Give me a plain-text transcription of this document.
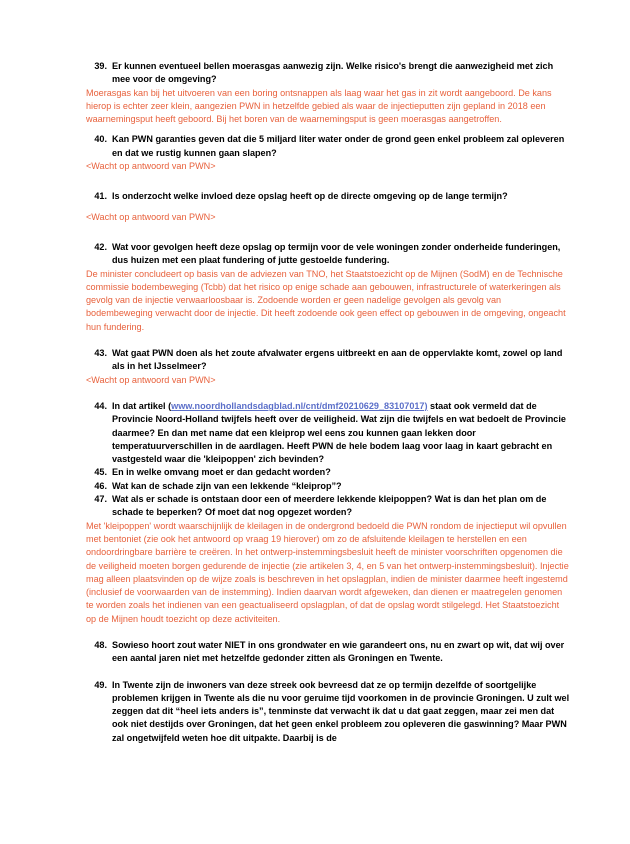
39. Er kunnen eventueel bellen moerasgas aanwezig zijn. Welke risico's brengt die aanwezigheid met zich mee voor de omgeving?
Moerasgas kan bij het uitvoeren van een boring ontsnappen als laag waar het gas in zit wordt aangeboord. De kans hierop is echter zeer klein, aangezien PWN in hetzelfde gebied als waar de injectieputten zijn gepland in 2018 een waarnemingsput heeft geboord. Bij het boren van de waarnemingsput is geen moerasgas aangetroffen.
40. Kan PWN garanties geven dat die 5 miljard liter water onder de grond geen enkel probleem zal opleveren en dat we rustig kunnen gaan slapen?
<Wacht op antwoord van PWN>
41. Is onderzocht welke invloed deze opslag heeft op de directe omgeving op de lange termijn?
<Wacht op antwoord van PWN>
42. Wat voor gevolgen heeft deze opslag op termijn voor de vele woningen zonder onderheide funderingen, dus huizen met een plaat fundering of jutte gestoelde fundering.
De minister concludeert op basis van de adviezen van TNO, het Staatstoezicht op de Mijnen (SodM) en de Technische commissie bodembeweging (Tcbb) dat het risico op enige schade aan gebouwen, infrastructurele of waterkeringen als gevolg van de injectie verwaarloosbaar is. Zodoende worden er geen nadelige gevolgen als gevolg van bodembeweging verwacht door de injectie. Dit heeft zodoende ook geen effect op gebouwen in de omgeving, ongeacht hun fundering.
43. Wat gaat PWN doen als het zoute afvalwater ergens uitbreekt en aan de oppervlakte komt, zowel op land als in het IJsselmeer?
<Wacht op antwoord van PWN>
44. In dat artikel (www.noordhollandsdagblad.nl/cnt/dmf20210629_83107017) staat ook vermeld dat de Provincie Noord-Holland twijfels heeft over de veiligheid. Wat zijn die twijfels en wat bedoelt de Provincie daarmee? En dan met name dat een kleiprop wel eens zou kunnen gaan lekken door temperatuurverschillen in de aardlagen. Heeft PWN de hele bodem laag voor laag in kaart gebracht en vastgesteld waar die 'kleipoppen' zich bevinden?
45. En in welke omvang moet er dan gedacht worden?
46. Wat kan de schade zijn van een lekkende “kleiprop”?
47. Wat als er schade is ontstaan door een of meerdere lekkende kleipoppen? Wat is dan het plan om de schade te beperken? Of moet dat nog opgezet worden?
Met 'kleipoppen' wordt waarschijnlijk de kleilagen in de ondergrond bedoeld die PWN rondom de injectieput wil opvullen met bentoniet (zie ook het antwoord op vraag 19 hierover) om zo de afsluitende kleilagen te herstellen en een ondoordringbare barrière te creëren. In het ontwerp-instemmingsbesluit heeft de minister voorschriften opgenomen die de veiligheid moeten borgen gedurende de injectie (zie artikelen 3, 4, en 5 van het ontwerp-instemmingsbesluit). Injectie mag alleen plaatsvinden op de wijze zoals is beschreven in het opslagplan, indien de minister daarmee heeft ingestemd (inclusief de voorwaarden van de instemming). Indien daarvan wordt afgeweken, dan dienen er maatregelen genomen te worden zoals het indienen van een geactualiseerd opslagplan, of dat de opslag wordt stilgelegd. Het Staatstoezicht op de Mijnen houdt toezicht op deze activiteiten.
48. Sowieso hoort zout water NIET in ons grondwater en wie garandeert ons, nu en zwart op wit, dat wij over een aantal jaren niet met hetzelfde gedonder zitten als Groningen en Twente.
49. In Twente zijn de inwoners van deze streek ook bevreesd dat ze op termijn dezelfde of soortgelijke problemen krijgen in Twente als die nu voor geruime tijd voorkomen in de provincie Groningen. U zult wel zeggen dat dit “heel iets anders is”, tenminste dat verwacht ik dat u dat gaat zeggen, maar zei men dat ook niet destijds over Groningen, dat het geen enkel probleem zou opleveren die gaswinning? Maar PWN zal ongetwijfeld weten hoe dit uitpakte. Daarbij is de
